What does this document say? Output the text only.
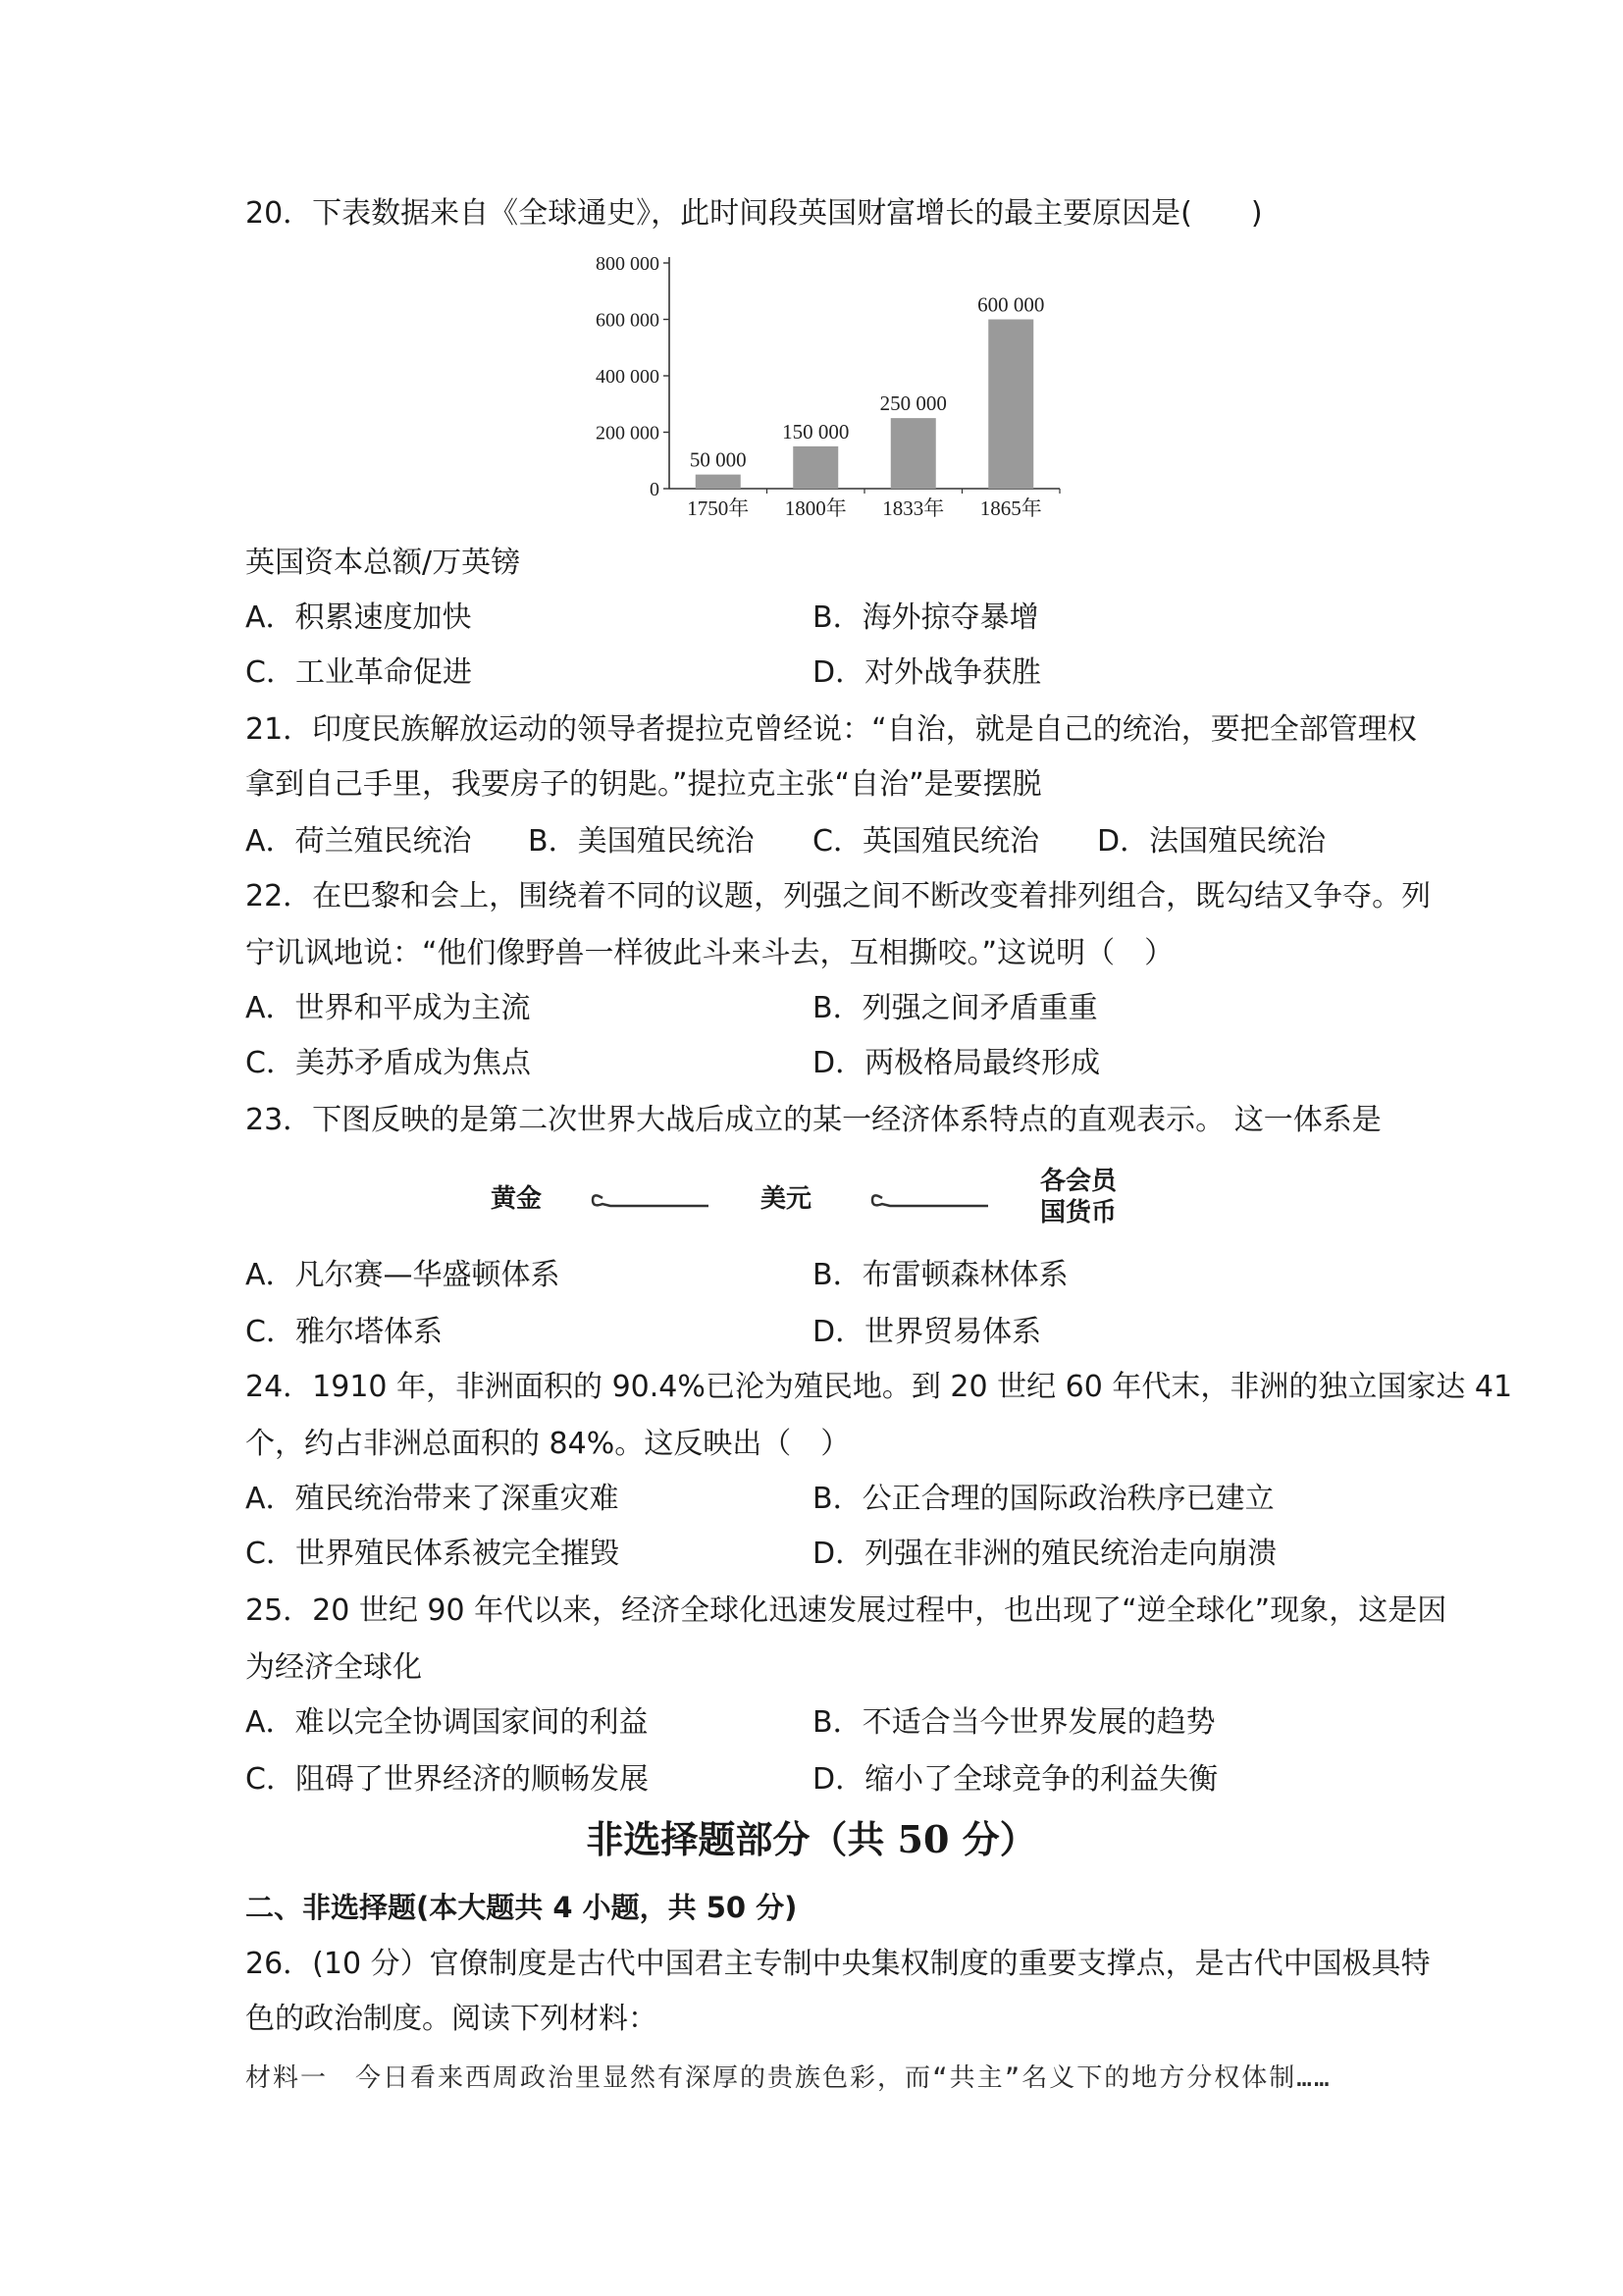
20．下表数据来自《全球通史》，此时间段英国财富增长的最主要原因是(　　)
0
200 000
400 000
600 000
800 000
50 000
1750年
150 000
1800年
250 000
1833年
600 000
1865年
英国资本总额/万英镑
A．积累速度加快	B．海外掠夺暴增
C．工业革命促进	D．对外战争获胜
21．印度民族解放运动的领导者提拉克曾经说：“自治，就是自己的统治，要把全部管理权
拿到自己手里，我要房子的钥匙。”提拉克主张“自治”是要摆脱
A．荷兰殖民统治 B．美国殖民统治 C．英国殖民统治 D．法国殖民统治
22．在巴黎和会上，围绕着不同的议题，列强之间不断改变着排列组合，既勾结又争夺。列
宁讥讽地说：“他们像野兽一样彼此斗来斗去，互相撕咬。”这说明（　）
A．世界和平成为主流	B．列强之间矛盾重重
C．美苏矛盾成为焦点	D．两极格局最终形成
23．下图反映的是第二次世界大战后成立的某一经济体系特点的直观表示。 这一体系是
黄金	美元
各会员
国货币
A．凡尔赛—华盛顿体系	B．布雷顿森林体系
C．雅尔塔体系	D．世界贸易体系
24．1910 年，非洲面积的 90.4%已沦为殖民地。到 20 世纪 60 年代末，非洲的独立国家达 41
个，约占非洲总面积的 84%。这反映出（　）
A．殖民统治带来了深重灾难	B．公正合理的国际政治秩序已建立
C．世界殖民体系被完全摧毁	D．列强在非洲的殖民统治走向崩溃
25．20 世纪 90 年代以来，经济全球化迅速发展过程中，也出现了“逆全球化”现象，这是因
为经济全球化
A．难以完全协调国家间的利益	B．不适合当今世界发展的趋势
C．阻碍了世界经济的顺畅发展	D．缩小了全球竞争的利益失衡
非选择题部分（共 50 分）
二、非选择题(本大题共 4 小题，共 50 分)
26．(10 分）官僚制度是古代中国君主专制中央集权制度的重要支撑点，是古代中国极具特
色的政治制度。阅读下列材料：
材料一　今日看来西周政治里显然有深厚的贵族色彩，而“共主”名义下的地方分权体制……
